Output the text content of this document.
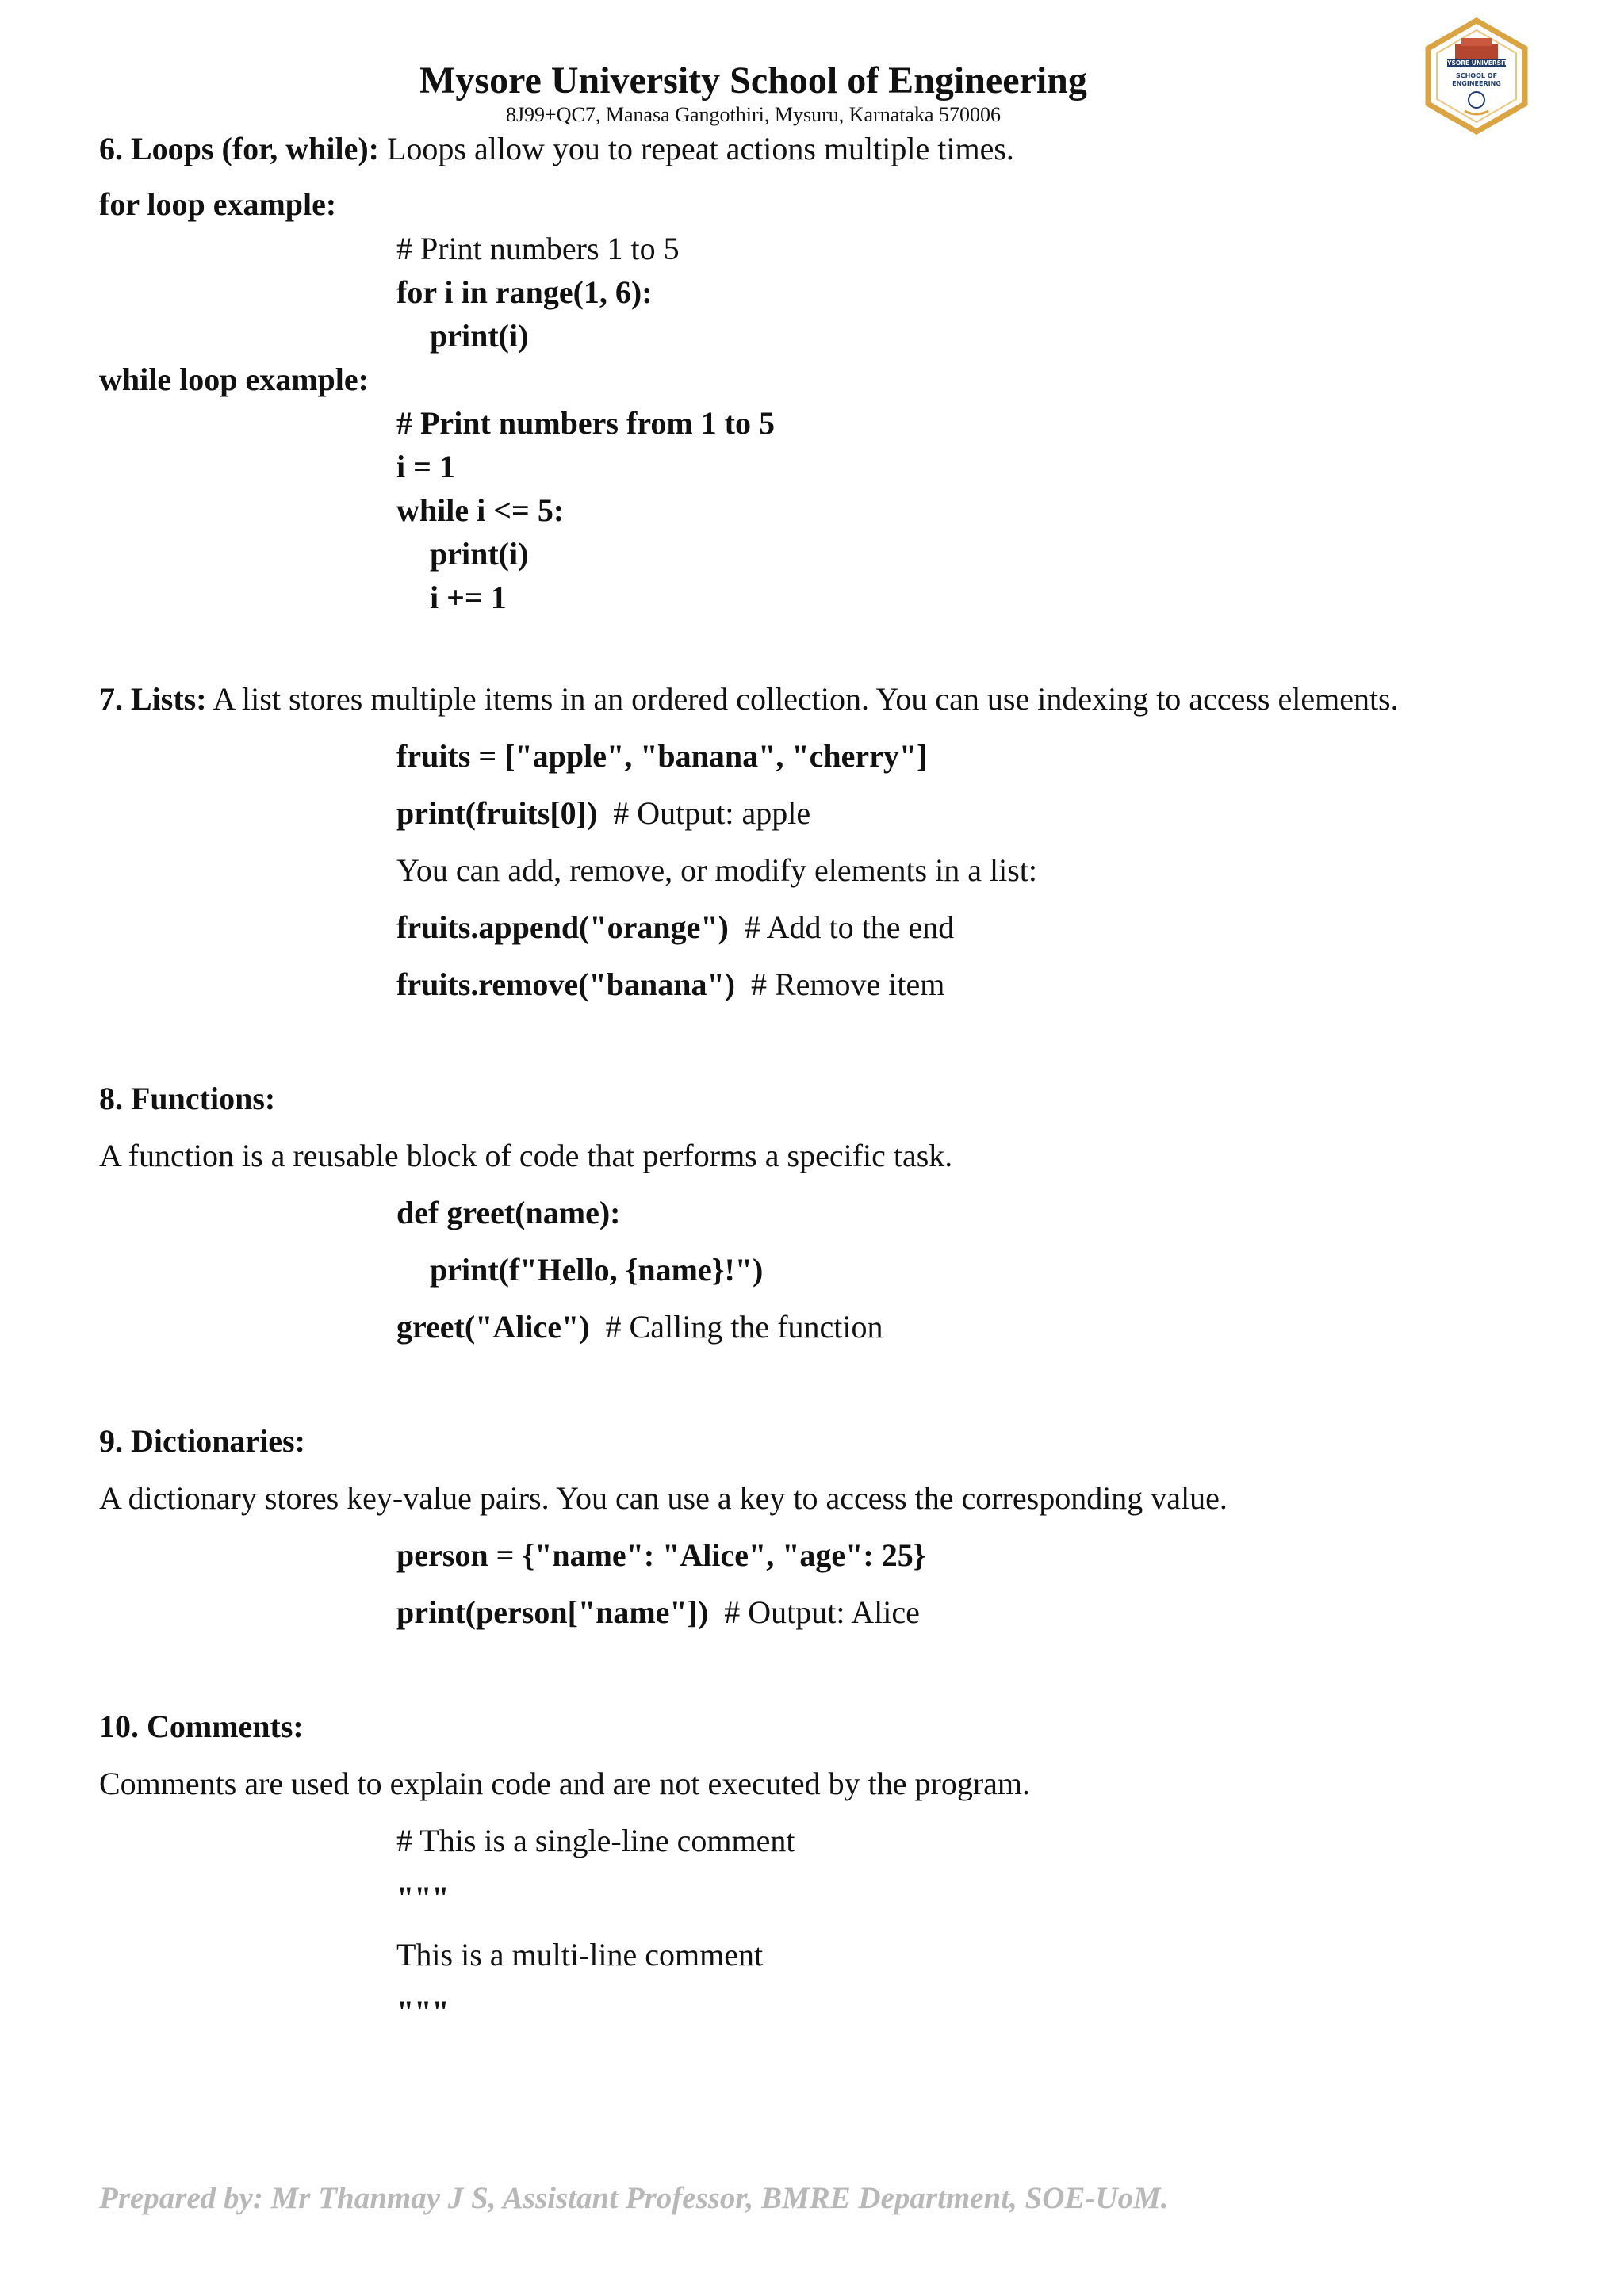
Mysore University School of Engineering
8J99+QC7, Manasa Gangothiri, Mysuru, Karnataka 570006
MYSORE UNIVERSITY
SCHOOL OF
ENGINEERING
6. Loops (for, while): Loops allow you to repeat actions multiple times.
for loop example:
# Print numbers 1 to 5
for i in range(1, 6):
print(i)
while loop example:
# Print numbers from 1 to 5
i = 1
while i <= 5:
print(i)
i += 1
7. Lists: A list stores multiple items in an ordered collection. You can use indexing to access elements.
fruits = ["apple", "banana", "cherry"]
print(fruits[0])  # Output: apple
You can add, remove, or modify elements in a list:
fruits.append("orange")  # Add to the end
fruits.remove("banana")  # Remove item
8. Functions:
A function is a reusable block of code that performs a specific task.
def greet(name):
print(f"Hello, {name}!")
greet("Alice")  # Calling the function
9. Dictionaries:
A dictionary stores key-value pairs. You can use a key to access the corresponding value.
person = {"name": "Alice", "age": 25}
print(person["name"])  # Output: Alice
10. Comments:
Comments are used to explain code and are not executed by the program.
# This is a single-line comment
"""
This is a multi-line comment
"""
Prepared by: Mr Thanmay J S, Assistant Professor, BMRE Department, SOE-UoM.
